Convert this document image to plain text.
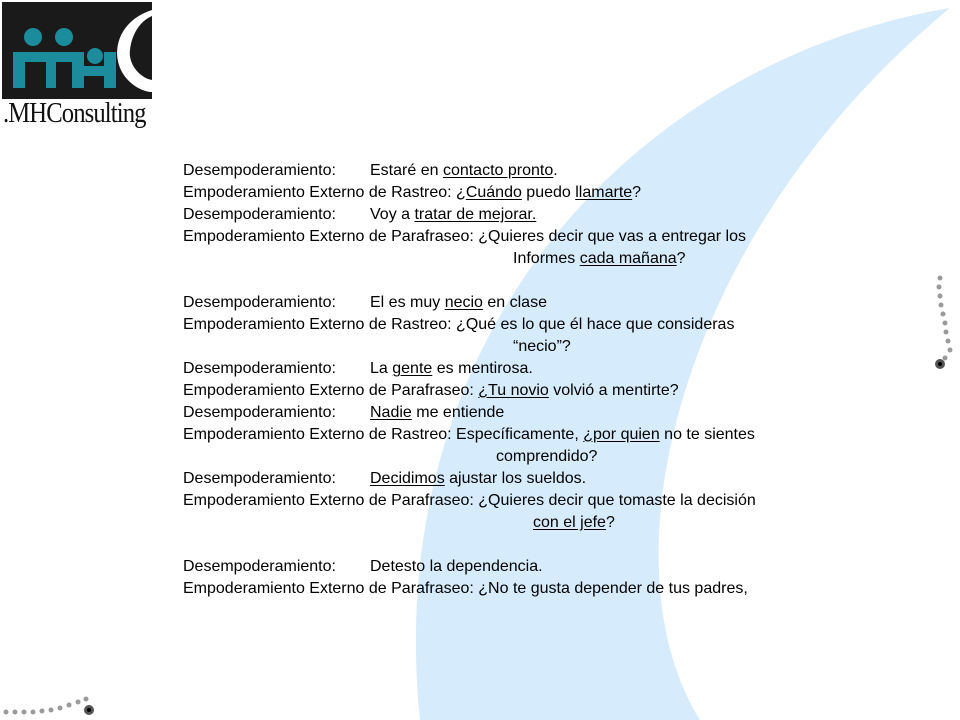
.MHConsulting
Desempoderamiento: Estaré en contacto pronto.
Empoderamiento Externo de Rastreo: ¿Cuándo puedo llamarte?
Desempoderamiento: Voy a tratar de mejorar.
Empoderamiento Externo de Parafraseo: ¿Quieres decir que vas a entregar los
Informes cada mañana?
Desempoderamiento: El es muy necio en clase
Empoderamiento Externo de Rastreo: ¿Qué es lo que él hace que consideras
“necio”?
Desempoderamiento: La gente es mentirosa.
Empoderamiento Externo de Parafraseo: ¿Tu novio volvió a mentirte?
Desempoderamiento: Nadie me entiende
Empoderamiento Externo de Rastreo: Específicamente, ¿por quien no te sientes
comprendido?
Desempoderamiento: Decidimos ajustar los sueldos.
Empoderamiento Externo de Parafraseo: ¿Quieres decir que tomaste la decisión
con el jefe?
Desempoderamiento: Detesto la dependencia.
Empoderamiento Externo de Parafraseo: ¿No te gusta depender de tus padres,
